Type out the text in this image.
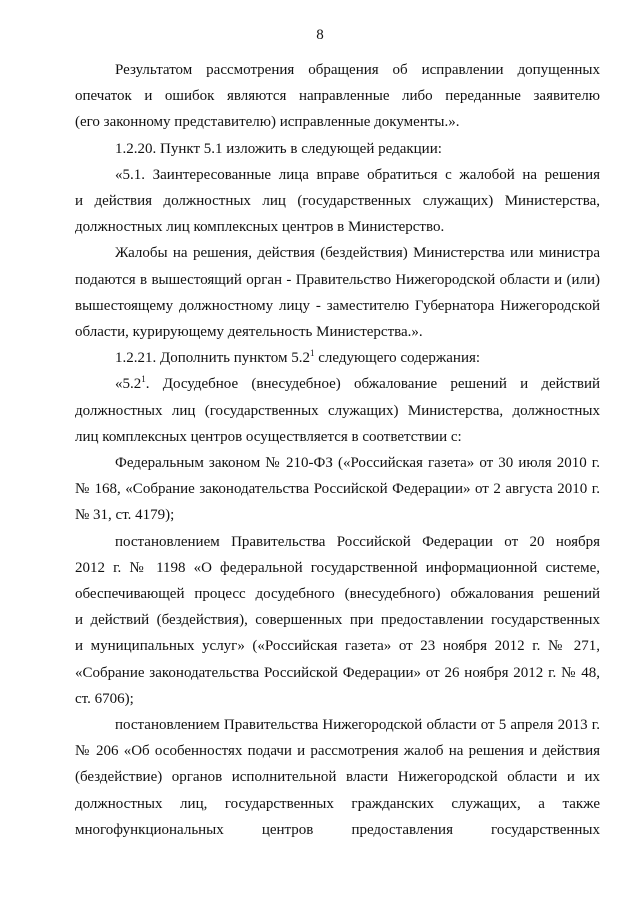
8
Результатом рассмотрения обращения об исправлении допущенных
опечаток и ошибок являются направленные либо переданные заявителю
(его законному представителю) исправленные документы.».
1.2.20. Пункт 5.1 изложить в следующей редакции:
«5.1. Заинтересованные лица вправе обратиться с жалобой на решения
и действия должностных лиц (государственных служащих) Министерства,
должностных лиц комплексных центров в Министерство.
Жалобы на решения, действия (бездействия) Министерства или министра
подаются в вышестоящий орган - Правительство Нижегородской области и (или)
вышестоящему должностному лицу - заместителю Губернатора Нижегородской
области, курирующему деятельность Министерства.».
1.2.21. Дополнить пунктом $5.2^1$ следующего содержания:
«$5.2^1$. Досудебное (внесудебное) обжалование решений и действий
должностных лиц (государственных служащих) Министерства, должностных
лиц комплексных центров осуществляется в соответствии с:
Федеральным законом № 210-ФЗ («Российская газета» от 30 июля 2010 г.
№ 168, «Собрание законодательства Российской Федерации» от 2 августа 2010 г.
№ 31, ст. 4179);
постановлением Правительства Российской Федерации от 20 ноября
2012 г. № 1198 «О федеральной государственной информационной системе,
обеспечивающей процесс досудебного (внесудебного) обжалования решений
и действий (бездействия), совершенных при предоставлении государственных
и муниципальных услуг» («Российская газета» от 23 ноября 2012 г. № 271,
«Собрание законодательства Российской Федерации» от 26 ноября 2012 г. № 48,
ст. 6706);
постановлением Правительства Нижегородской области от 5 апреля 2013 г.
№ 206 «Об особенностях подачи и рассмотрения жалоб на решения и действия
(бездействие) органов исполнительной власти Нижегородской области и их
должностных лиц, государственных гражданских служащих, а также
многофункциональных центров предоставления государственных
